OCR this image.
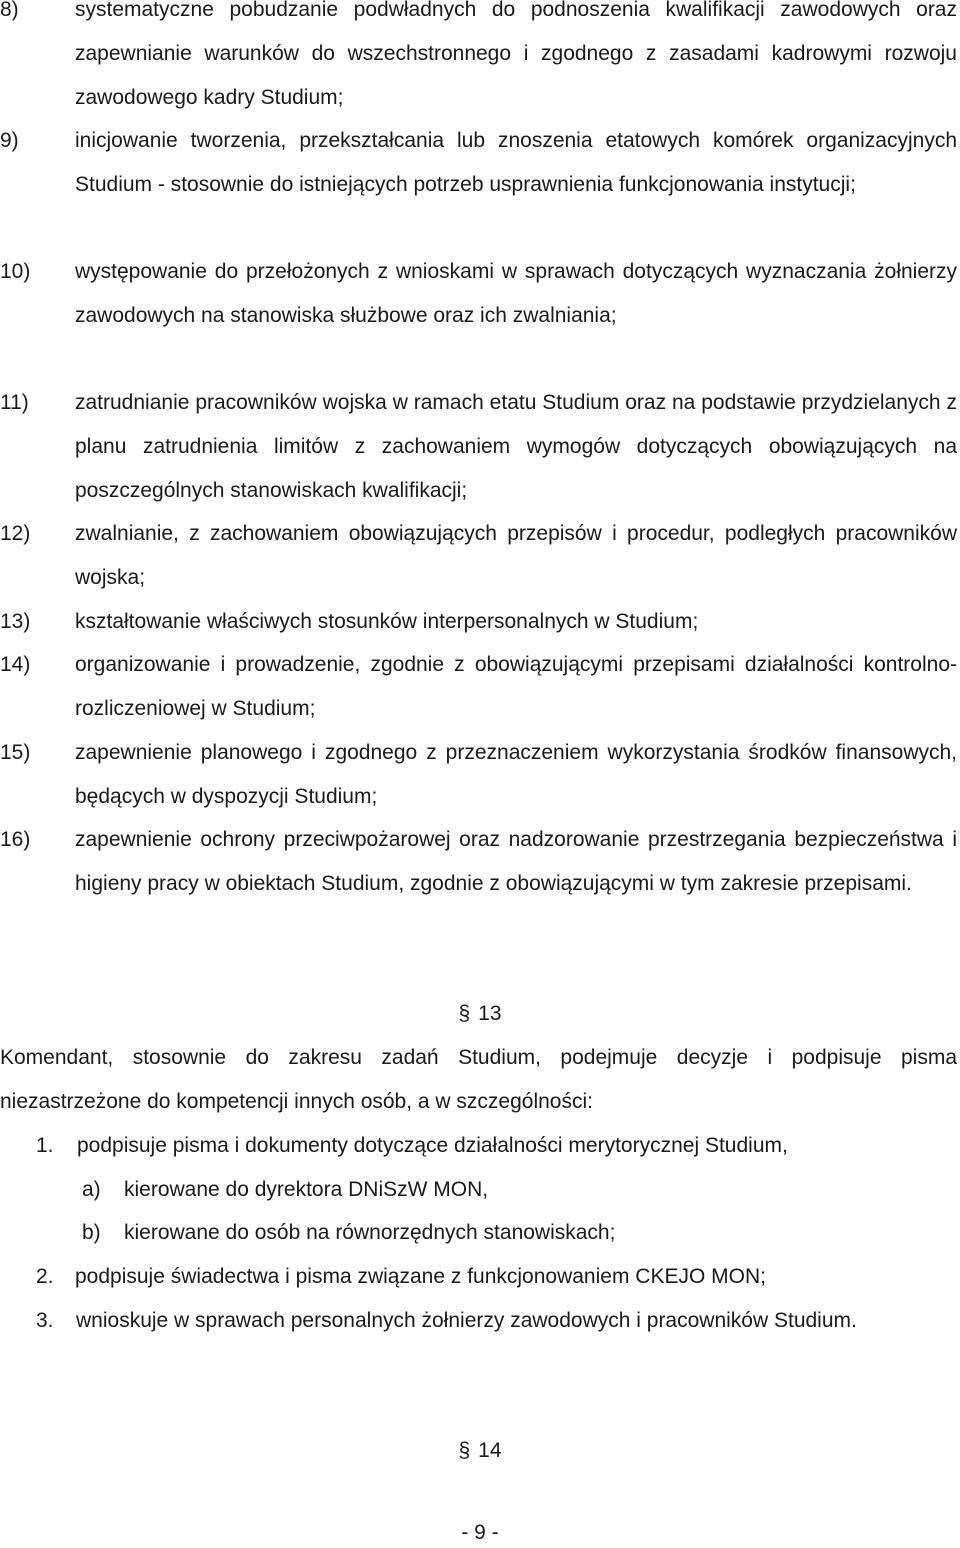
8)	systematyczne pobudzanie podwładnych do podnoszenia kwalifikacji zawodowych oraz zapewnianie warunków do wszechstronnego i zgodnego z zasadami kadrowymi rozwoju zawodowego kadry Studium;
9)	inicjowanie tworzenia, przekształcania lub znoszenia etatowych komórek organizacyjnych Studium - stosownie do istniejących potrzeb usprawnienia funkcjonowania instytucji;
10) występowanie do przełożonych z wnioskami w sprawach dotyczących wyznaczania żołnierzy zawodowych na stanowiska służbowe oraz ich zwalniania;
11) zatrudnianie pracowników wojska w ramach etatu Studium oraz na podstawie przydzielanych z planu zatrudnienia limitów z zachowaniem wymogów dotyczących obowiązujących na poszczególnych stanowiskach kwalifikacji;
12) zwalnianie, z zachowaniem obowiązujących przepisów i procedur, podległych pracowników wojska;
13) kształtowanie właściwych stosunków interpersonalnych w Studium;
14) organizowanie i prowadzenie, zgodnie z obowiązującymi przepisami działalności kontrolno-rozliczeniowej w Studium;
15) zapewnienie planowego i zgodnego z przeznaczeniem wykorzystania środków finansowych, będących w dyspozycji Studium;
16) zapewnienie ochrony przeciwpożarowej oraz nadzorowanie przestrzegania bezpieczeństwa i higieny pracy w obiektach Studium, zgodnie z obowiązującymi w tym zakresie przepisami.
§ 13
Komendant, stosownie do zakresu zadań Studium, podejmuje decyzje i podpisuje pisma niezastrzeżone do kompetencji innych osób, a w szczególności:
1. podpisuje pisma i dokumenty dotyczące działalności merytorycznej Studium,
a) kierowane do dyrektora DNiSzW MON,
b) kierowane do osób na równorzędnych stanowiskach;
2. podpisuje świadectwa i pisma związane z funkcjonowaniem CKEJO MON;
3. wnioskuje w sprawach personalnych żołnierzy zawodowych i pracowników Studium.
§ 14
- 9 -
